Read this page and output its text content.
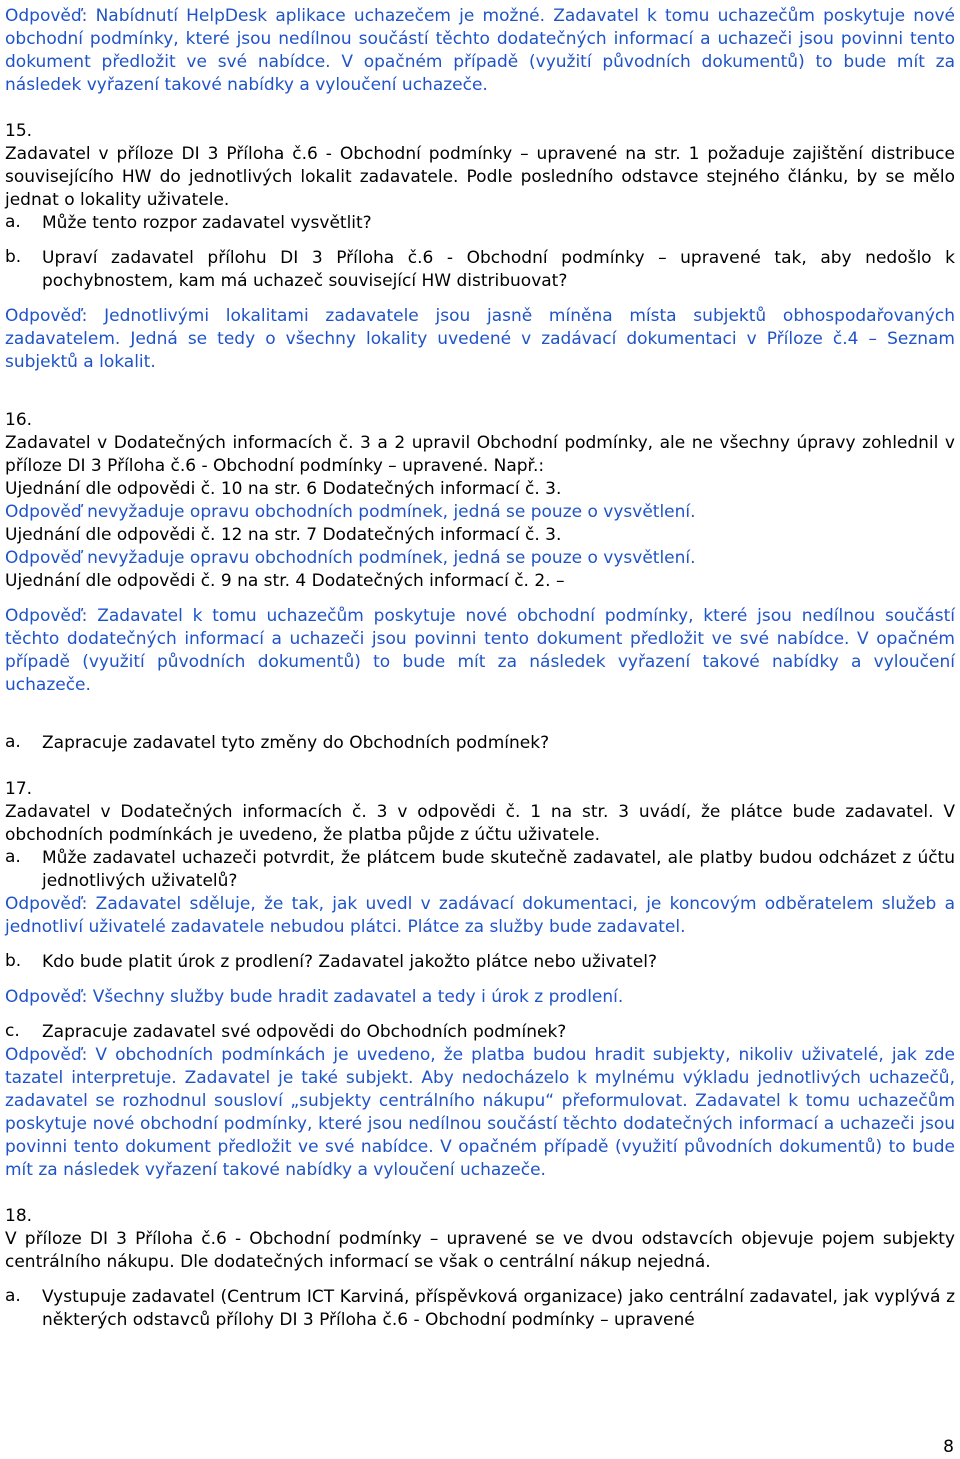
Odpověď: Nabídnutí HelpDesk aplikace uchazečem je možné. Zadavatel k tomu uchazečům poskytuje nové obchodní podmínky, které jsou nedílnou součástí těchto dodatečných informací a uchazeči jsou povinni tento dokument předložit ve své nabídce. V opačném případě (využití původních dokumentů) to bude mít za následek vyřazení takové nabídky a vyloučení uchazeče.

15.

Zadavatel v příloze DI 3 Příloha č.6 - Obchodní podmínky – upravené na str. 1 požaduje zajištění distribuce souvisejícího HW do jednotlivých lokalit zadavatele. Podle posledního odstavce stejného článku, by se mělo jednat o lokality uživatele.

a.	Může tento rozpor zadavatel vysvětlit?
b.	Upraví zadavatel přílohu DI 3 Příloha č.6 - Obchodní podmínky – upravené tak, aby nedošlo k pochybnostem, kam má uchazeč související HW distribuovat?

Odpověď: Jednotlivými lokalitami zadavatele jsou jasně míněna místa subjektů obhospodařovaných zadavatelem. Jedná se tedy o všechny lokality uvedené v zadávací dokumentaci v Příloze č.4 – Seznam subjektů a lokalit.

16.

Zadavatel v Dodatečných informacích č. 3 a 2 upravil Obchodní podmínky, ale ne všechny úpravy zohlednil v příloze DI 3 Příloha č.6 - Obchodní podmínky – upravené. Např.:

Ujednání dle odpovědi č. 10 na str. 6 Dodatečných informací č. 3.

Odpověď nevyžaduje opravu obchodních podmínek, jedná se pouze o vysvětlení.

Ujednání dle odpovědi č. 12 na str. 7 Dodatečných informací č. 3.

Odpověď nevyžaduje opravu obchodních podmínek, jedná se pouze o vysvětlení.

Ujednání dle odpovědi č. 9 na str. 4 Dodatečných informací č. 2. –

Odpověď: Zadavatel k tomu uchazečům poskytuje nové obchodní podmínky, které jsou nedílnou součástí těchto dodatečných informací a uchazeči jsou povinni tento dokument předložit ve své nabídce. V opačném případě (využití původních dokumentů) to bude mít za následek vyřazení takové nabídky a vyloučení uchazeče.

a.	Zapracuje zadavatel tyto změny do Obchodních podmínek?

17.

Zadavatel v Dodatečných informacích č. 3 v odpovědi č. 1 na str. 3 uvádí, že plátce bude zadavatel. V obchodních podmínkách je uvedeno, že platba půjde z účtu uživatele.

a.	Může zadavatel uchazeči potvrdit, že plátcem bude skutečně zadavatel, ale platby budou odcházet z účtu jednotlivých uživatelů?

Odpověď: Zadavatel sděluje, že tak, jak uvedl v zadávací dokumentaci, je koncovým odběratelem služeb a jednotliví uživatelé zadavatele nebudou plátci. Plátce za služby bude zadavatel.

b.	Kdo bude platit úrok z prodlení? Zadavatel jakožto plátce nebo uživatel?

Odpověď: Všechny služby bude hradit zadavatel a tedy i úrok z prodlení.

c.	Zapracuje zadavatel své odpovědi do Obchodních podmínek?

Odpověď: V obchodních podmínkách je uvedeno, že platba budou hradit subjekty, nikoliv uživatelé, jak zde tazatel interpretuje. Zadavatel je také subjekt. Aby nedocházelo k mylnému výkladu jednotlivých uchazečů, zadavatel se rozhodnul sousloví „subjekty centrálního nákupu“ přeformulovat. Zadavatel k tomu uchazečům poskytuje nové obchodní podmínky, které jsou nedílnou součástí těchto dodatečných informací a uchazeči jsou povinni tento dokument předložit ve své nabídce. V opačném případě (využití původních dokumentů) to bude mít za následek vyřazení takové nabídky a vyloučení uchazeče.

18.

V příloze DI 3 Příloha č.6 - Obchodní podmínky – upravené se ve dvou odstavcích objevuje pojem subjekty centrálního nákupu. Dle dodatečných informací se však o centrální nákup nejedná.

a.	Vystupuje zadavatel (Centrum ICT Karviná, příspěvková organizace) jako centrální zadavatel, jak vyplývá z některých odstavců přílohy DI 3 Příloha č.6 - Obchodní podmínky – upravené
8
